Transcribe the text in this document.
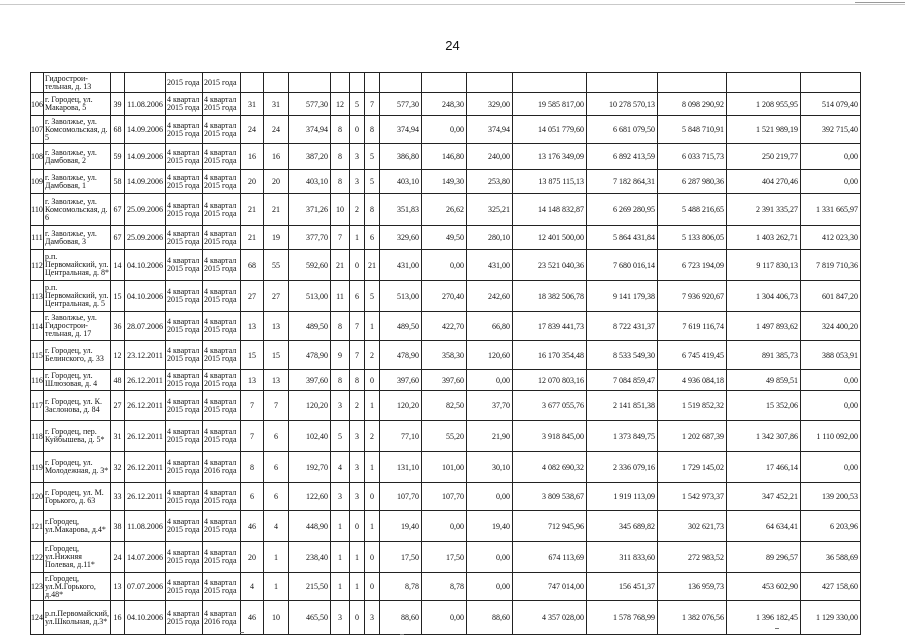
24
	Гидрострои-тельная, д. 13			2015 года	2015 года														
106	г. Городец, ул. Макарова, 5	39	11.08.2006	4 квартал 2015 года	4 квартал 2015 года	31	31	577,30	12	5	7	577,30	248,30	329,00	19 585 817,00	10 278 570,13	8 098 290,92	1 208 955,95	514 079,40
107	г. Заволжье, ул. Комсомольская, д. 5	68	14.09.2006	4 квартал 2015 года	4 квартал 2015 года	24	24	374,94	8	0	8	374,94	0,00	374,94	14 051 779,60	6 681 079,50	5 848 710,91	1 521 989,19	392 715,40
108	г. Заволжье, ул. Дамбовая, 2	59	14.09.2006	4 квартал 2015 года	4 квартал 2015 года	16	16	387,20	8	3	5	386,80	146,80	240,00	13 176 349,09	6 892 413,59	6 033 715,73	250 219,77	0,00
109	г. Заволжье, ул. Дамбовая, 1	58	14.09.2006	4 квартал 2015 года	4 квартал 2015 года	20	20	403,10	8	3	5	403,10	149,30	253,80	13 875 115,13	7 182 864,31	6 287 980,36	404 270,46	0,00
110	г. Заволжье, ул. Комсомольская, д. 6	67	25.09.2006	4 квартал 2015 года	4 квартал 2015 года	21	21	371,26	10	2	8	351,83	26,62	325,21	14 148 832,87	6 269 280,95	5 488 216,65	2 391 335,27	1 331 665,97
111	г. Заволжье, ул. Дамбовая, 3	67	25.09.2006	4 квартал 2015 года	4 квартал 2015 года	21	19	377,70	7	1	6	329,60	49,50	280,10	12 401 500,00	5 864 431,84	5 133 806,05	1 403 262,71	412 023,30
112	р.п. Первомайский, ул. Центральная, д. 8*	14	04.10.2006	4 квартал 2015 года	4 квартал 2015 года	68	55	592,60	21	0	21	431,00	0,00	431,00	23 521 040,36	7 680 016,14	6 723 194,09	9 117 830,13	7 819 710,36
113	р.п. Первомайский, ул. Центральная, д. 5	15	04.10.2006	4 квартал 2015 года	4 квартал 2015 года	27	27	513,00	11	6	5	513,00	270,40	242,60	18 382 506,78	9 141 179,38	7 936 920,67	1 304 406,73	601 847,20
114	г. Заволжье, ул. Гидрострои-тельная, д. 17	36	28.07.2006	4 квартал 2015 года	4 квартал 2015 года	13	13	489,50	8	7	1	489,50	422,70	66,80	17 839 441,73	8 722 431,37	7 619 116,74	1 497 893,62	324 400,20
115	г. Городец, ул. Белинского, д. 33	12	23.12.2011	4 квартал 2015 года	4 квартал 2015 года	15	15	478,90	9	7	2	478,90	358,30	120,60	16 170 354,48	8 533 549,30	6 745 419,45	891 385,73	388 053,91
116	г. Городец, ул. Шлюзовая, д. 4	48	26.12.2011	4 квартал 2015 года	4 квартал 2015 года	13	13	397,60	8	8	0	397,60	397,60	0,00	12 070 803,16	7 084 859,47	4 936 084,18	49 859,51	0,00
117	г. Городец, ул. К. Заслонова, д. 84	27	26.12.2011	4 квартал 2015 года	4 квартал 2015 года	7	7	120,20	3	2	1	120,20	82,50	37,70	3 677 055,76	2 141 851,38	1 519 852,32	15 352,06	0,00
118	г. Городец, пер. Куйбышева, д. 5*	31	26.12.2011	4 квартал 2015 года	4 квартал 2015 года	7	6	102,40	5	3	2	77,10	55,20	21,90	3 918 845,00	1 373 849,75	1 202 687,39	1 342 307,86	1 110 092,00
119	г. Городец, ул. Молодежная, д. 3*	32	26.12.2011	4 квартал 2015 года	4 квартал 2016 года	8	6	192,70	4	3	1	131,10	101,00	30,10	4 082 690,32	2 336 079,16	1 729 145,02	17 466,14	0,00
120	г. Городец, ул. М. Горького, д. 63	33	26.12.2011	4 квартал 2015 года	4 квартал 2015 года	6	6	122,60	3	3	0	107,70	107,70	0,00	3 809 538,67	1 919 113,09	1 542 973,37	347 452,21	139 200,53
121	г.Городец, ул.Макарова, д.4*	38	11.08.2006	4 квартал 2015 года	4 квартал 2015 года	46	4	448,90	1	0	1	19,40	0,00	19,40	712 945,96	345 689,82	302 621,73	64 634,41	6 203,96
122	г.Городец, ул.Нижняя Полевая, д.11*	24	14.07.2006	4 квартал 2015 года	4 квартал 2015 года	20	1	238,40	1	1	0	17,50	17,50	0,00	674 113,69	311 833,60	272 983,52	89 296,57	36 588,69
123	г.Городец, ул.М.Горького, д.48*	13	07.07.2006	4 квартал 2015 года	4 квартал 2015 года	4	1	215,50	1	1	0	8,78	8,78	0,00	747 014,00	156 451,37	136 959,73	453 602,90	427 158,60
124	р.п.Первомайский, ул.Школьная, д.3*	16	04.10.2006	4 квартал 2015 года	4 квартал 2016 года	46	10	465,50	3	0	3	88,60	0,00	88,60	4 357 028,00	1 578 768,99	1 382 076,56	1 396 182,45	1 129 330,00
